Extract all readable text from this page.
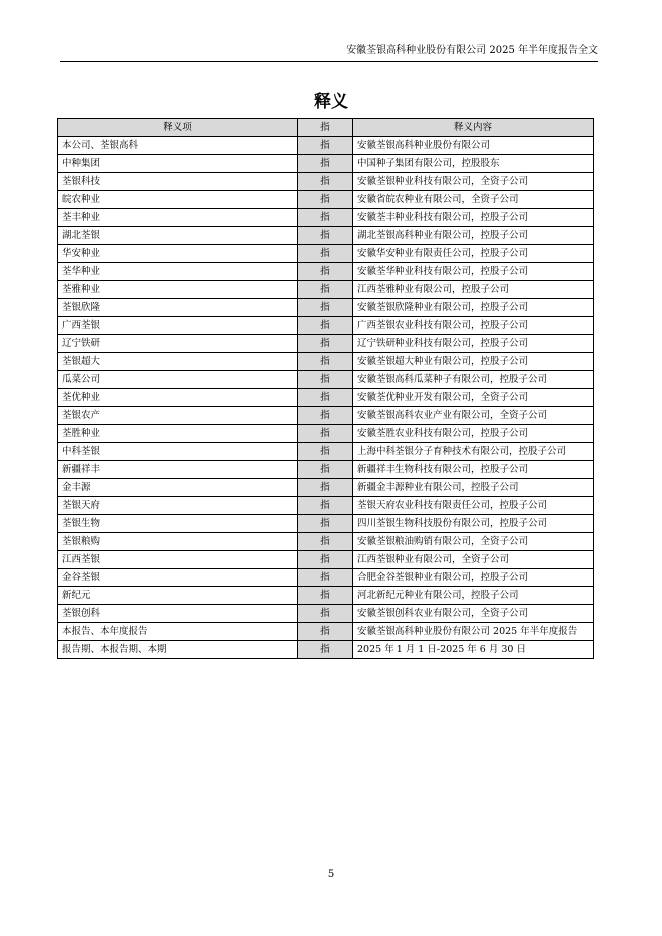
安徽荃银高科种业股份有限公司 2025 年半年度报告全文
释义
释义项	指	释义内容
本公司、荃银高科	指	安徽荃银高科种业股份有限公司
中种集团	指	中国种子集团有限公司，控股股东
荃银科技	指	安徽荃银种业科技有限公司，全资子公司
皖农种业	指	安徽省皖农种业有限公司，全资子公司
荃丰种业	指	安徽荃丰种业科技有限公司，控股子公司
湖北荃银	指	湖北荃银高科种业有限公司，控股子公司
华安种业	指	安徽华安种业有限责任公司，控股子公司
荃华种业	指	安徽荃华种业科技有限公司，控股子公司
荃雅种业	指	江西荃雅种业有限公司，控股子公司
荃银欣隆	指	安徽荃银欣隆种业有限公司，控股子公司
广西荃银	指	广西荃银农业科技有限公司，控股子公司
辽宁铁研	指	辽宁铁研种业科技有限公司，控股子公司
荃银超大	指	安徽荃银超大种业有限公司，控股子公司
瓜菜公司	指	安徽荃银高科瓜菜种子有限公司，控股子公司
荃优种业	指	安徽荃优种业开发有限公司，全资子公司
荃银农产	指	安徽荃银高科农业产业有限公司，全资子公司
荃胜种业	指	安徽荃胜农业科技有限公司，控股子公司
中科荃银	指	上海中科荃银分子育种技术有限公司，控股子公司
新疆祥丰	指	新疆祥丰生物科技有限公司，控股子公司
金丰源	指	新疆金丰源种业有限公司，控股子公司
荃银天府	指	荃银天府农业科技有限责任公司，控股子公司
荃银生物	指	四川荃银生物科技股份有限公司，控股子公司
荃银粮购	指	安徽荃银粮油购销有限公司，全资子公司
江西荃银	指	江西荃银种业有限公司，全资子公司
金谷荃银	指	合肥金谷荃银种业有限公司，控股子公司
新纪元	指	河北新纪元种业有限公司，控股子公司
荃银创科	指	安徽荃银创科农业有限公司，全资子公司
本报告、本年度报告	指	安徽荃银高科种业股份有限公司 2025 年半年度报告
报告期、本报告期、本期	指	2025 年 1 月 1 日-2025 年 6 月 30 日
5
